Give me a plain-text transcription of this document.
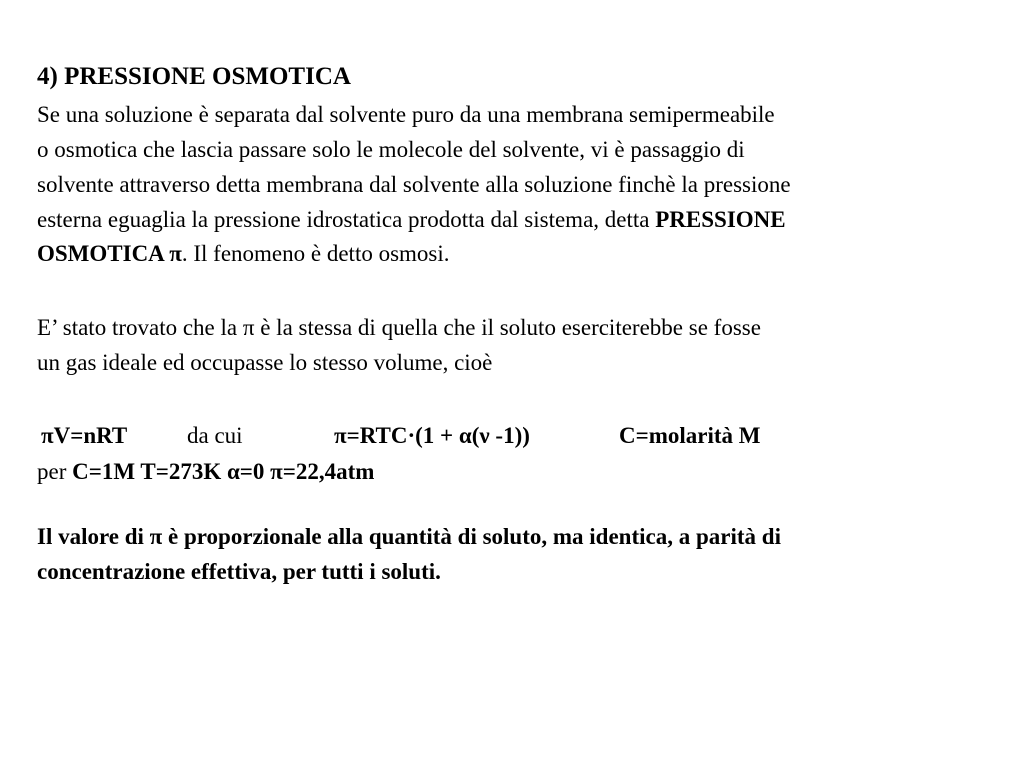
4) PRESSIONE OSMOTICA
Se una soluzione è separata dal solvente puro da una membrana semipermeabile
o osmotica che lascia passare solo le molecole del solvente, vi è passaggio di
solvente attraverso detta membrana dal solvente alla soluzione finchè la pressione
esterna eguaglia la pressione idrostatica prodotta dal sistema, detta PRESSIONE
OSMOTICA π. Il fenomeno è detto osmosi.
E’ stato trovato che la π è la stessa di quella che il soluto eserciterebbe se fosse
un gas ideale ed occupasse lo stesso volume, cioè
πV=nRT	da cui	π=RTC·(1 + α(ν -1))	C=molarità M
per C=1M T=273K α=0 π=22,4atm
Il valore di π è proporzionale alla quantità di soluto, ma identica, a parità di
concentrazione effettiva, per tutti i soluti.
